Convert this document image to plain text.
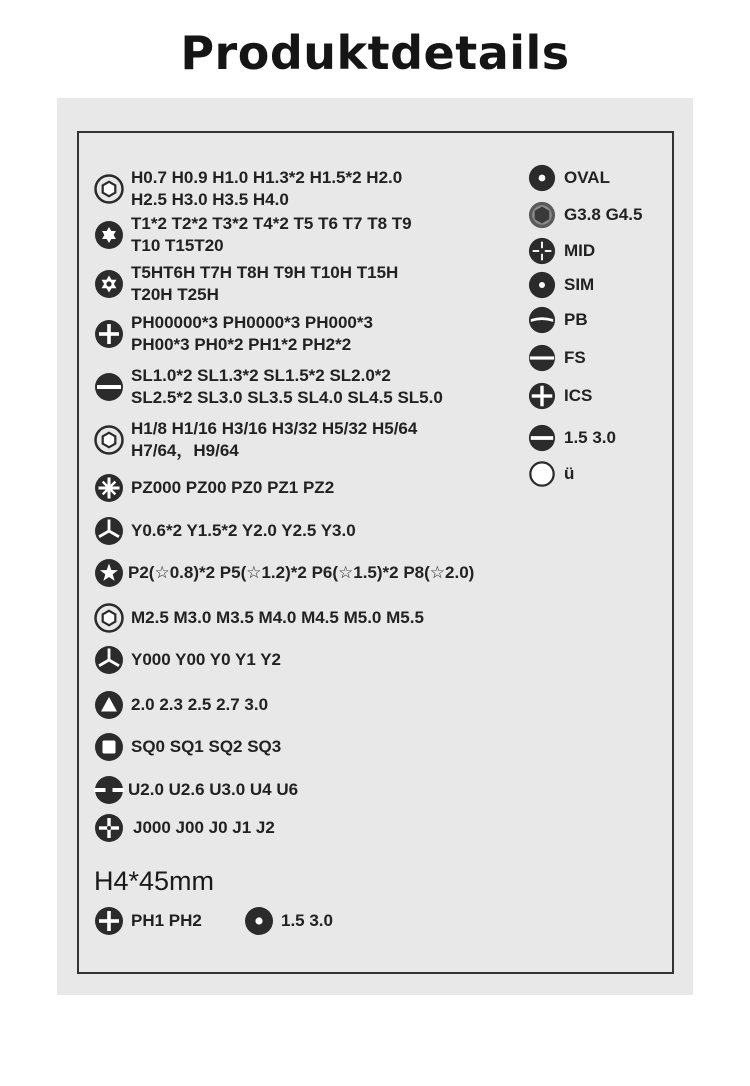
Produktdetails
H0.7 H0.9 H1.0 H1.3*2 H1.5*2 H2.0
H2.5 H3.0 H3.5 H4.0
T1*2 T2*2 T3*2 T4*2 T5 T6 T7 T8 T9
T10 T15T20
T5HT6H T7H T8H T9H T10H T15H
T20H T25H
PH00000*3 PH0000*3 PH000*3
PH00*3 PH0*2 PH1*2 PH2*2
SL1.0*2 SL1.3*2 SL1.5*2 SL2.0*2
SL2.5*2 SL3.0 SL3.5 SL4.0 SL4.5 SL5.0
H1/8 H1/16 H3/16 H3/32 H5/32 H5/64
H7/64，H9/64
PZ000 PZ00 PZ0 PZ1 PZ2
Y0.6*2 Y1.5*2 Y2.0 Y2.5 Y3.0
P2(☆0.8)*2 P5(☆1.2)*2 P6(☆1.5)*2 P8(☆2.0)
M2.5 M3.0 M3.5 M4.0 M4.5 M5.0 M5.5
Y000 Y00 Y0 Y1 Y2
2.0 2.3 2.5 2.7 3.0
SQ0 SQ1 SQ2 SQ3
U2.0 U2.6 U3.0 U4 U6
J000 J00 J0 J1 J2
OVAL
G3.8 G4.5
MID
SIM
PB
FS
ICS
1.5 3.0
ü
H4*45mm
PH1 PH2	1.5 3.0
